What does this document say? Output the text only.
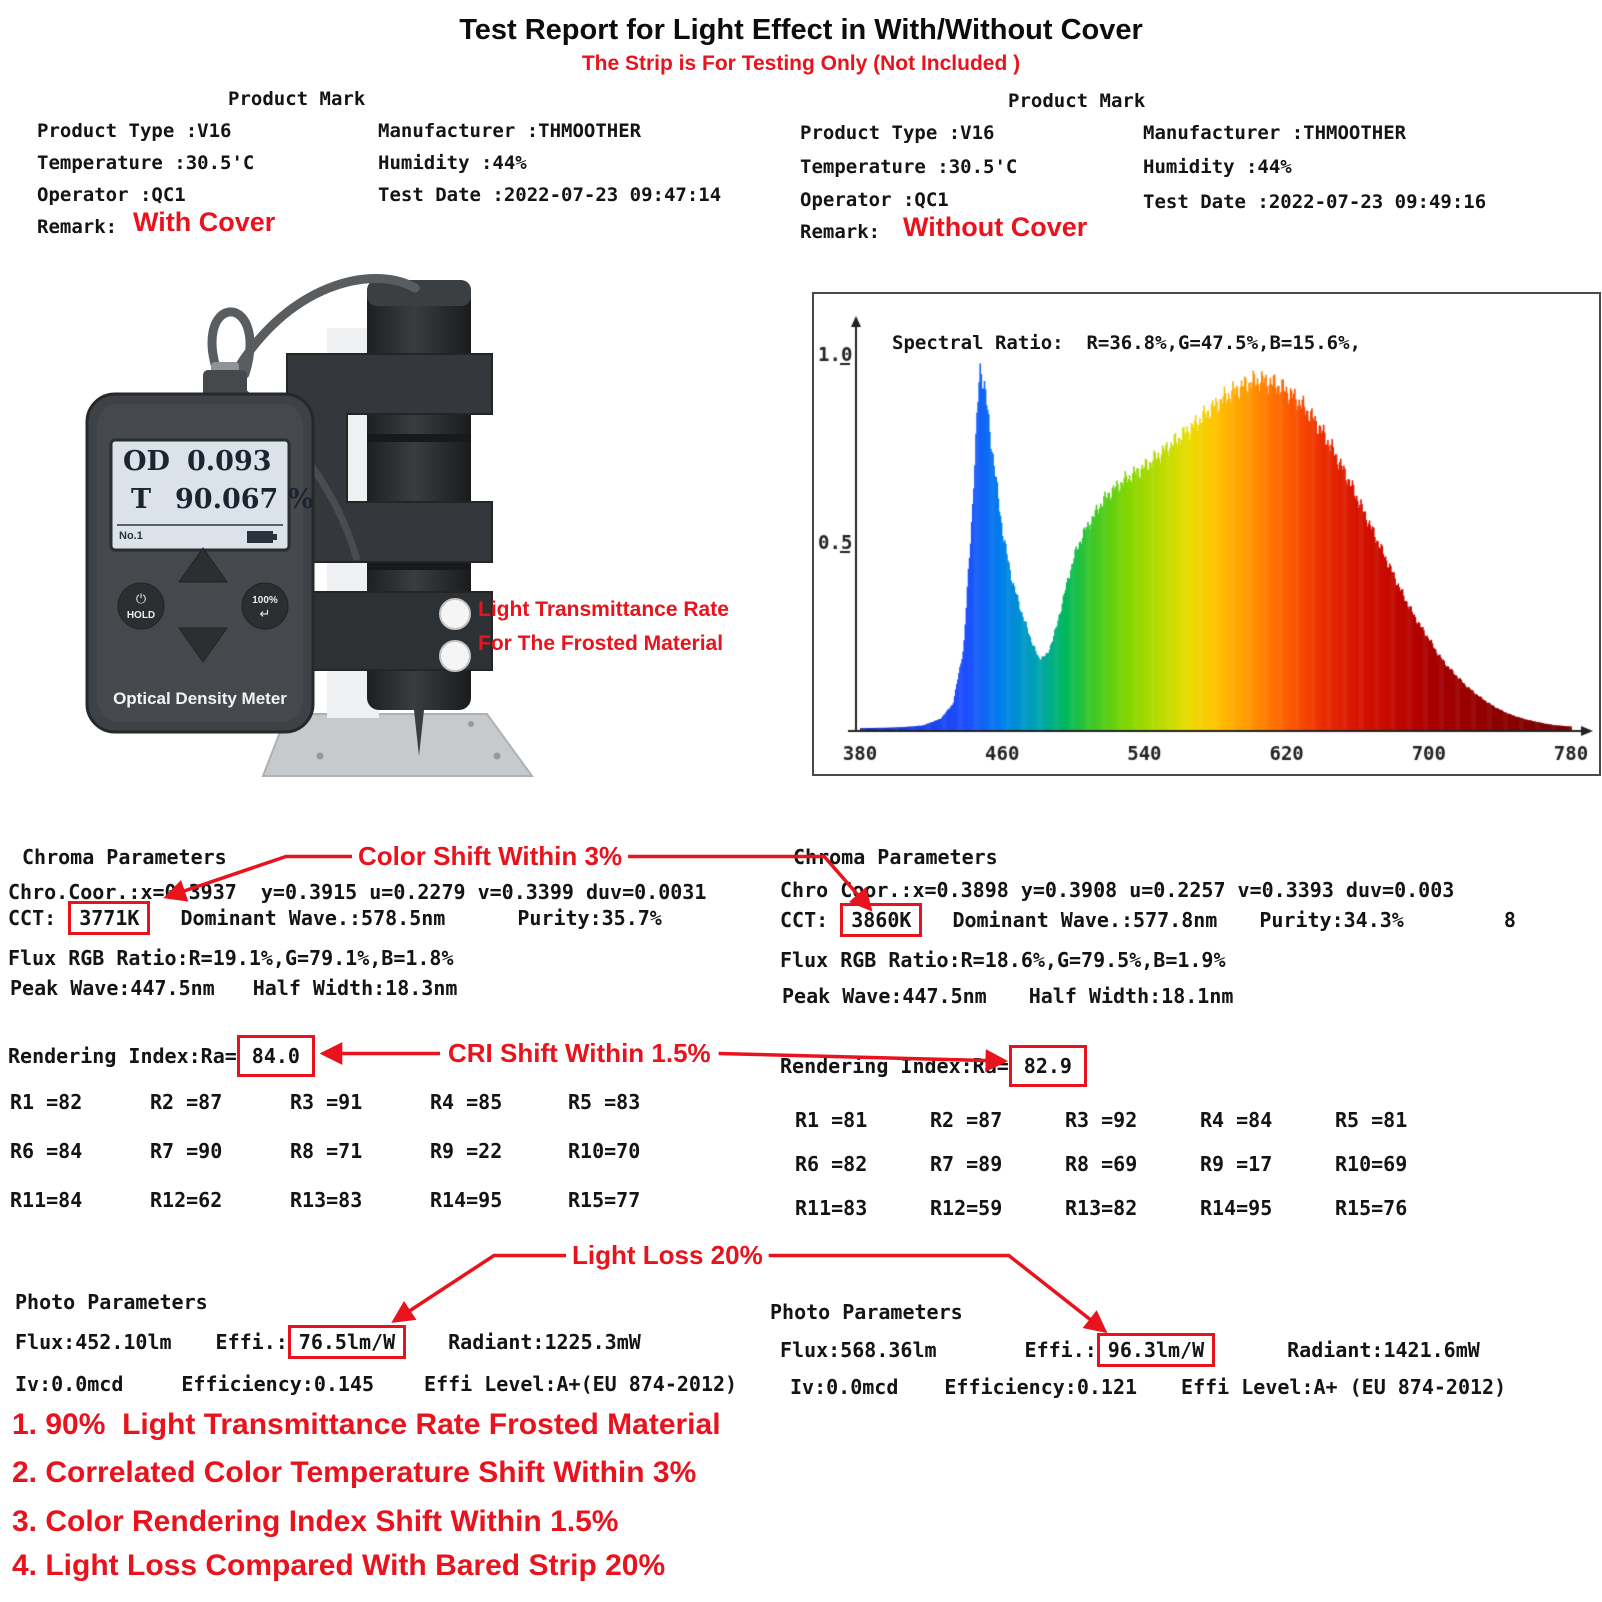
Test Report for Light Effect in With/Without Cover
The Strip is For Testing Only (Not Included )
Product Mark
Product Type :V16	Manufacturer :THMOOTHER
Temperature :30.5'C	Humidity :44%
Operator :QC1	Test Date :2022-07-23 09:47:14
Remark: With Cover
Product Mark
Product Type :V16	Manufacturer :THMOOTHER
Temperature :30.5'C	Humidity :44%
Operator :QC1	Test Date :2022-07-23 09:49:16
Remark: Without Cover
⏻
HOLD
100%
↵
Optical Density Meter
OD 0.093
T 90.067 %
No.1
Light Transmittance Rate
For The Frosted Material
Spectral Ratio:  R=36.8%,G=47.5%,B=15.6%,
Chroma Parameters
Chro.Coor.:x=0.3937  y=0.3915 u=0.2279 v=0.3399 duv=0.0031
CCT: 3771K	Dominant Wave.:578.5nm	Purity:35.7%
Flux RGB Ratio:R=19.1%,G=79.1%,B=1.8%
Peak Wave:447.5nm Half Width:18.3nm
Chroma Parameters
Chro Coor.:x=0.3898 y=0.3908 u=0.2257 v=0.3393 duv=0.003
CCT: 3860K	Dominant Wave.:577.8nm Purity:34.3%	8
Flux RGB Ratio:R=18.6%,G=79.5%,B=1.9%
Peak Wave:447.5nm Half Width:18.1nm
Color Shift Within 3%
Rendering Index:Ra= 84.0
R1 =82	R2 =87	R3 =91	R4 =85	R5 =83
R6 =84	R7 =90	R8 =71	R9 =22	R10=70
R11=84	R12=62	R13=83	R14=95	R15=77
CRI Shift Within 1.5%	Rendering Index:Ra= 82.9
R1 =81	R2 =87	R3 =92	R4 =84	R5 =81
R6 =82	R7 =89	R8 =69	R9 =17	R10=69
R11=83	R12=59	R13=82	R14=95	R15=76
Light Loss 20%
Photo Parameters
Flux:452.10lm Effi.: 76.5lm/W	Radiant:1225.3mW
Iv:0.0mcd	Efficiency:0.145	Effi Level:A+(EU 874-2012)
Photo Parameters
Flux:568.36lm	Effi.: 96.3lm/W	Radiant:1421.6mW
Iv:0.0mcd Efficiency:0.121 Effi Level:A+ (EU 874-2012)
1. 90%  Light Transmittance Rate Frosted Material
2. Correlated Color Temperature Shift Within 3%
3. Color Rendering Index Shift Within 1.5%
4. Light Loss Compared With Bared Strip 20%
